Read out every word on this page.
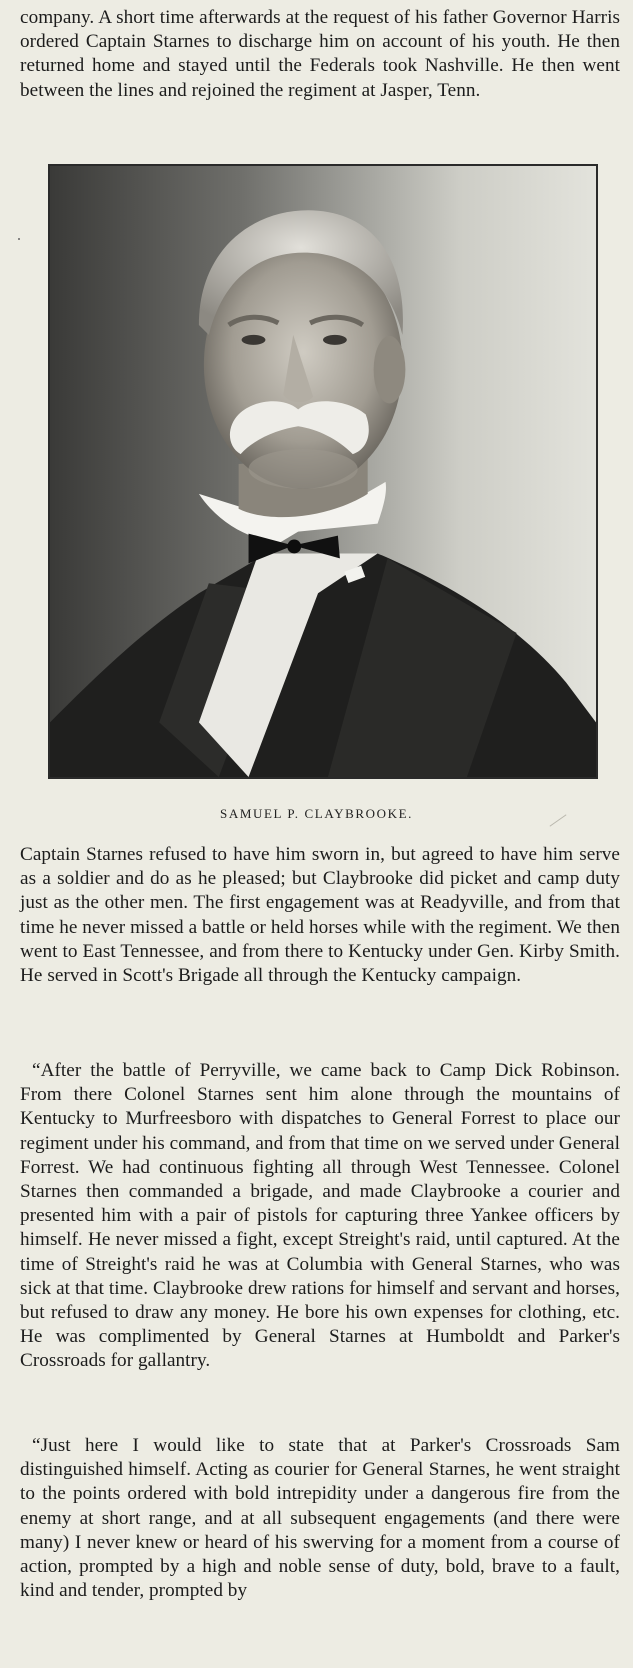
company. A short time afterwards at the request of his father Governor Harris ordered Captain Starnes to discharge him on account of his youth. He then returned home and stayed until the Federals took Nashville. He then went between the lines and rejoined the regiment at Jasper, Tenn.

SAMUEL P. CLAYBROOKE.

Captain Starnes refused to have him sworn in, but agreed to have him serve as a soldier and do as he pleased; but Claybrooke did picket and camp duty just as the other men. The first engagement was at Readyville, and from that time he never missed a battle or held horses while with the regiment. We then went to East Tennessee, and from there to Kentucky under Gen. Kirby Smith. He served in Scott's Brigade all through the Kentucky campaign.

“After the battle of Perryville, we came back to Camp Dick Robinson. From there Colonel Starnes sent him alone through the mountains of Kentucky to Murfreesboro with dispatches to General Forrest to place our regiment under his command, and from that time on we served under General Forrest. We had continuous fighting all through West Tennessee. Colonel Starnes then commanded a brigade, and made Claybrooke a courier and presented him with a pair of pistols for capturing three Yankee officers by himself. He never missed a fight, except Streight's raid, until captured. At the time of Streight's raid he was at Columbia with General Starnes, who was sick at that time. Claybrooke drew rations for himself and servant and horses, but refused to draw any money. He bore his own expenses for clothing, etc. He was complimented by General Starnes at Humboldt and Parker's Crossroads for gallantry.

“Just here I would like to state that at Parker's Crossroads Sam distinguished himself. Acting as courier for General Starnes, he went straight to the points ordered with bold intrepidity under a dangerous fire from the enemy at short range, and at all subsequent engagements (and there were many) I never knew or heard of his swerving for a moment from a course of action, prompted by a high and noble sense of duty, bold, brave to a fault, kind and tender, prompted by
